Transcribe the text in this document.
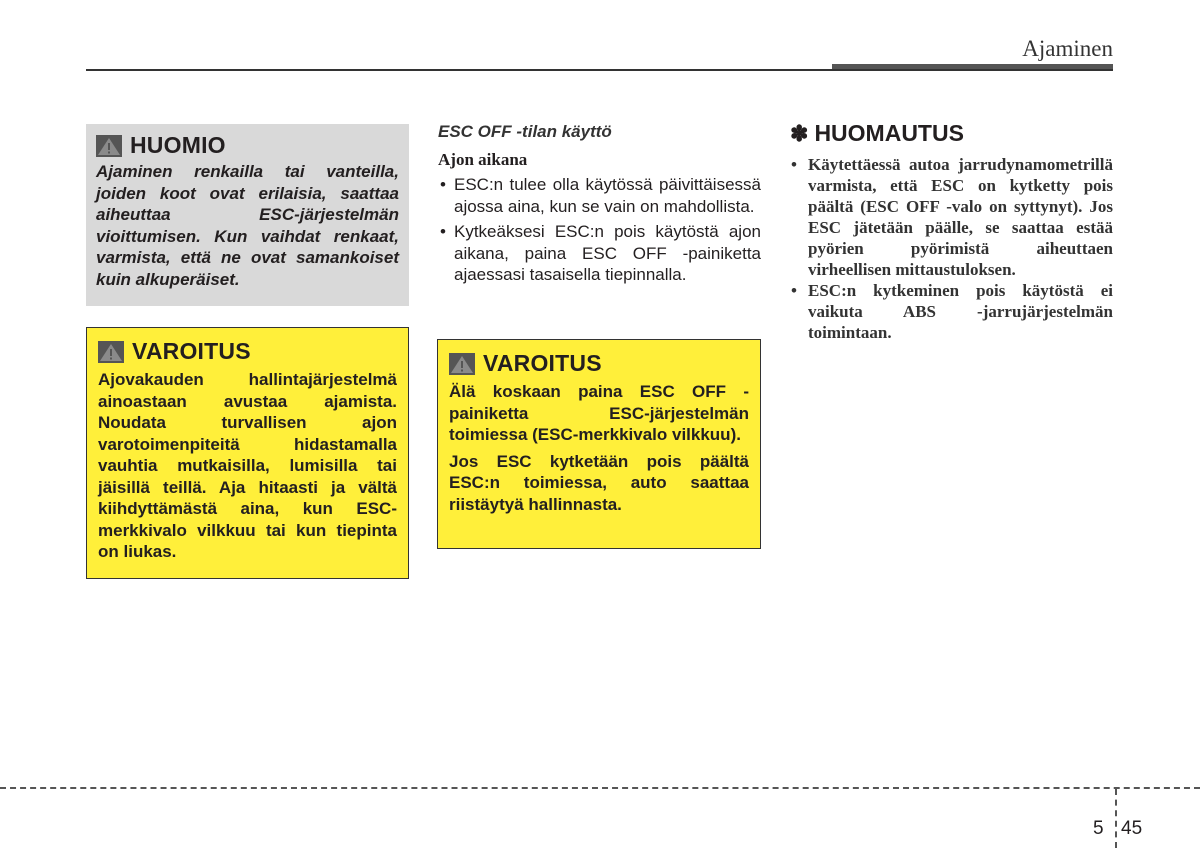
Ajaminen
HUOMIO
Ajaminen renkailla tai vanteilla, joiden koot ovat erilaisia, saattaa aiheuttaa ESC-järjestelmän vioittumisen. Kun vaihdat renkaat, varmista, että ne ovat samankoiset kuin alkuperäiset.
VAROITUS
Ajovakauden hallintajärjestelmä ainoastaan avustaa ajamista. Noudata turvallisen ajon varotoimenpiteitä hidastamalla vauhtia mutkaisilla, lumisilla tai jäisillä teillä. Aja hitaasti ja vältä kiihdyttämästä aina, kun ESC-merkkivalo vilkkuu tai kun tiepinta on liukas.
ESC OFF -tilan käyttö
Ajon aikana
• ESC:n tulee olla käytössä päivittäisessä ajossa aina, kun se vain on mahdollista.
• Kytkeäksesi ESC:n pois käytöstä ajon aikana, paina ESC OFF -painiketta ajaessasi tasaisella tiepinnalla.
VAROITUS
Älä koskaan paina ESC OFF -painiketta ESC-järjestelmän toimiessa (ESC-merkkivalo vilkkuu).
Jos ESC kytketään pois päältä ESC:n toimiessa, auto saattaa riistäytyä hallinnasta.
✽ HUOMAUTUS
• Käytettäessä autoa jarrudynamometrillä varmista, että ESC on kytketty pois päältä (ESC OFF -valo on syttynyt). Jos ESC jätetään päälle, se saattaa estää pyörien pyörimistä aiheuttaen virheellisen mittaustuloksen.
• ESC:n kytkeminen pois käytöstä ei vaikuta ABS -jarrujärjestelmän toimintaan.
5 45
